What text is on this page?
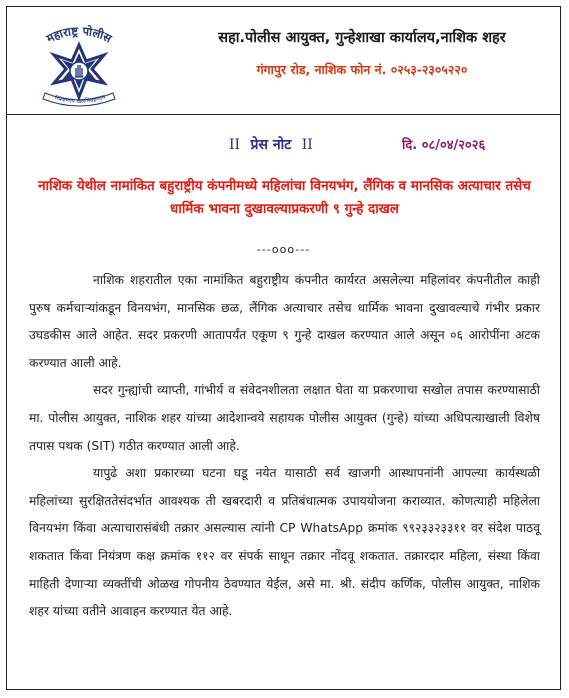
महाराष्ट्र पोलीस
सद्रक्षणाय खलनिग्रहणाय
सहा.पोलीस आयुक्त, गुन्हेशाखा कार्यालय,नाशिक शहर
गंगापुर रोड, नाशिक फोन नं. ०२५३-२३०५२२०
II प्रेस नोट II	दि. ०८/०४/२०२६
नाशिक येथील नामांकित बहुराष्ट्रीय कंपनीमध्ये महिलांचा विनयभंग, लैंगिक व मानसिक अत्याचार तसेच धार्मिक भावना दुखावल्याप्रकरणी ९ गुन्हे दाखल
---ooo---

नाशिक शहरातील एका नामांकित बहुराष्ट्रीय कंपनीत कार्यरत असलेल्या महिलांवर कंपनीतील काही पुरुष कर्मचाऱ्यांकडून विनयभंग, मानसिक छळ, लैंगिक अत्याचार तसेच धार्मिक भावना दुखावल्याचे गंभीर प्रकार उघडकीस आले आहेत. सदर प्रकरणी आतापर्यंत एकूण ९ गुन्हे दाखल करण्यात आले असून ०६ आरोपींना अटक करण्यात आली आहे.

सदर गुन्ह्यांची व्याप्ती, गांभीर्य व संवेदनशीलता लक्षात घेता या प्रकरणाचा सखोल तपास करण्यासाठी मा. पोलीस आयुक्त, नाशिक शहर यांच्या आदेशान्वये सहायक पोलीस आयुक्त (गुन्हे) यांच्या अधिपत्याखाली विशेष तपास पथक (SIT) गठीत करण्यात आली आहे.

यापुढे अशा प्रकारच्या घटना घडू नयेत यासाठी सर्व खाजगी आस्थापनांनी आपल्या कार्यस्थळी महिलांच्या सुरक्षिततेसंदर्भात आवश्यक ती खबरदारी व प्रतिबंधात्मक उपाययोजना कराव्यात. कोणत्याही महिलेला विनयभंग किंवा अत्याचारासंबंधी तक्रार असल्यास त्यांनी CP WhatsApp क्रमांक ९९२३३२३३११ वर संदेश पाठवू शकतात किंवा नियंत्रण कक्ष क्रमांक ११२ वर संपर्क साधून तक्रार नोंदवू शकतात. तक्रारदार महिला, संस्था किंवा माहिती देणाऱ्या व्यक्तींची ओळख गोपनीय ठेवण्यात येईल, असे मा. श्री. संदीप कर्णिक, पोलीस आयुक्त, नाशिक शहर यांच्या वतीने आवाहन करण्यात येत आहे.
